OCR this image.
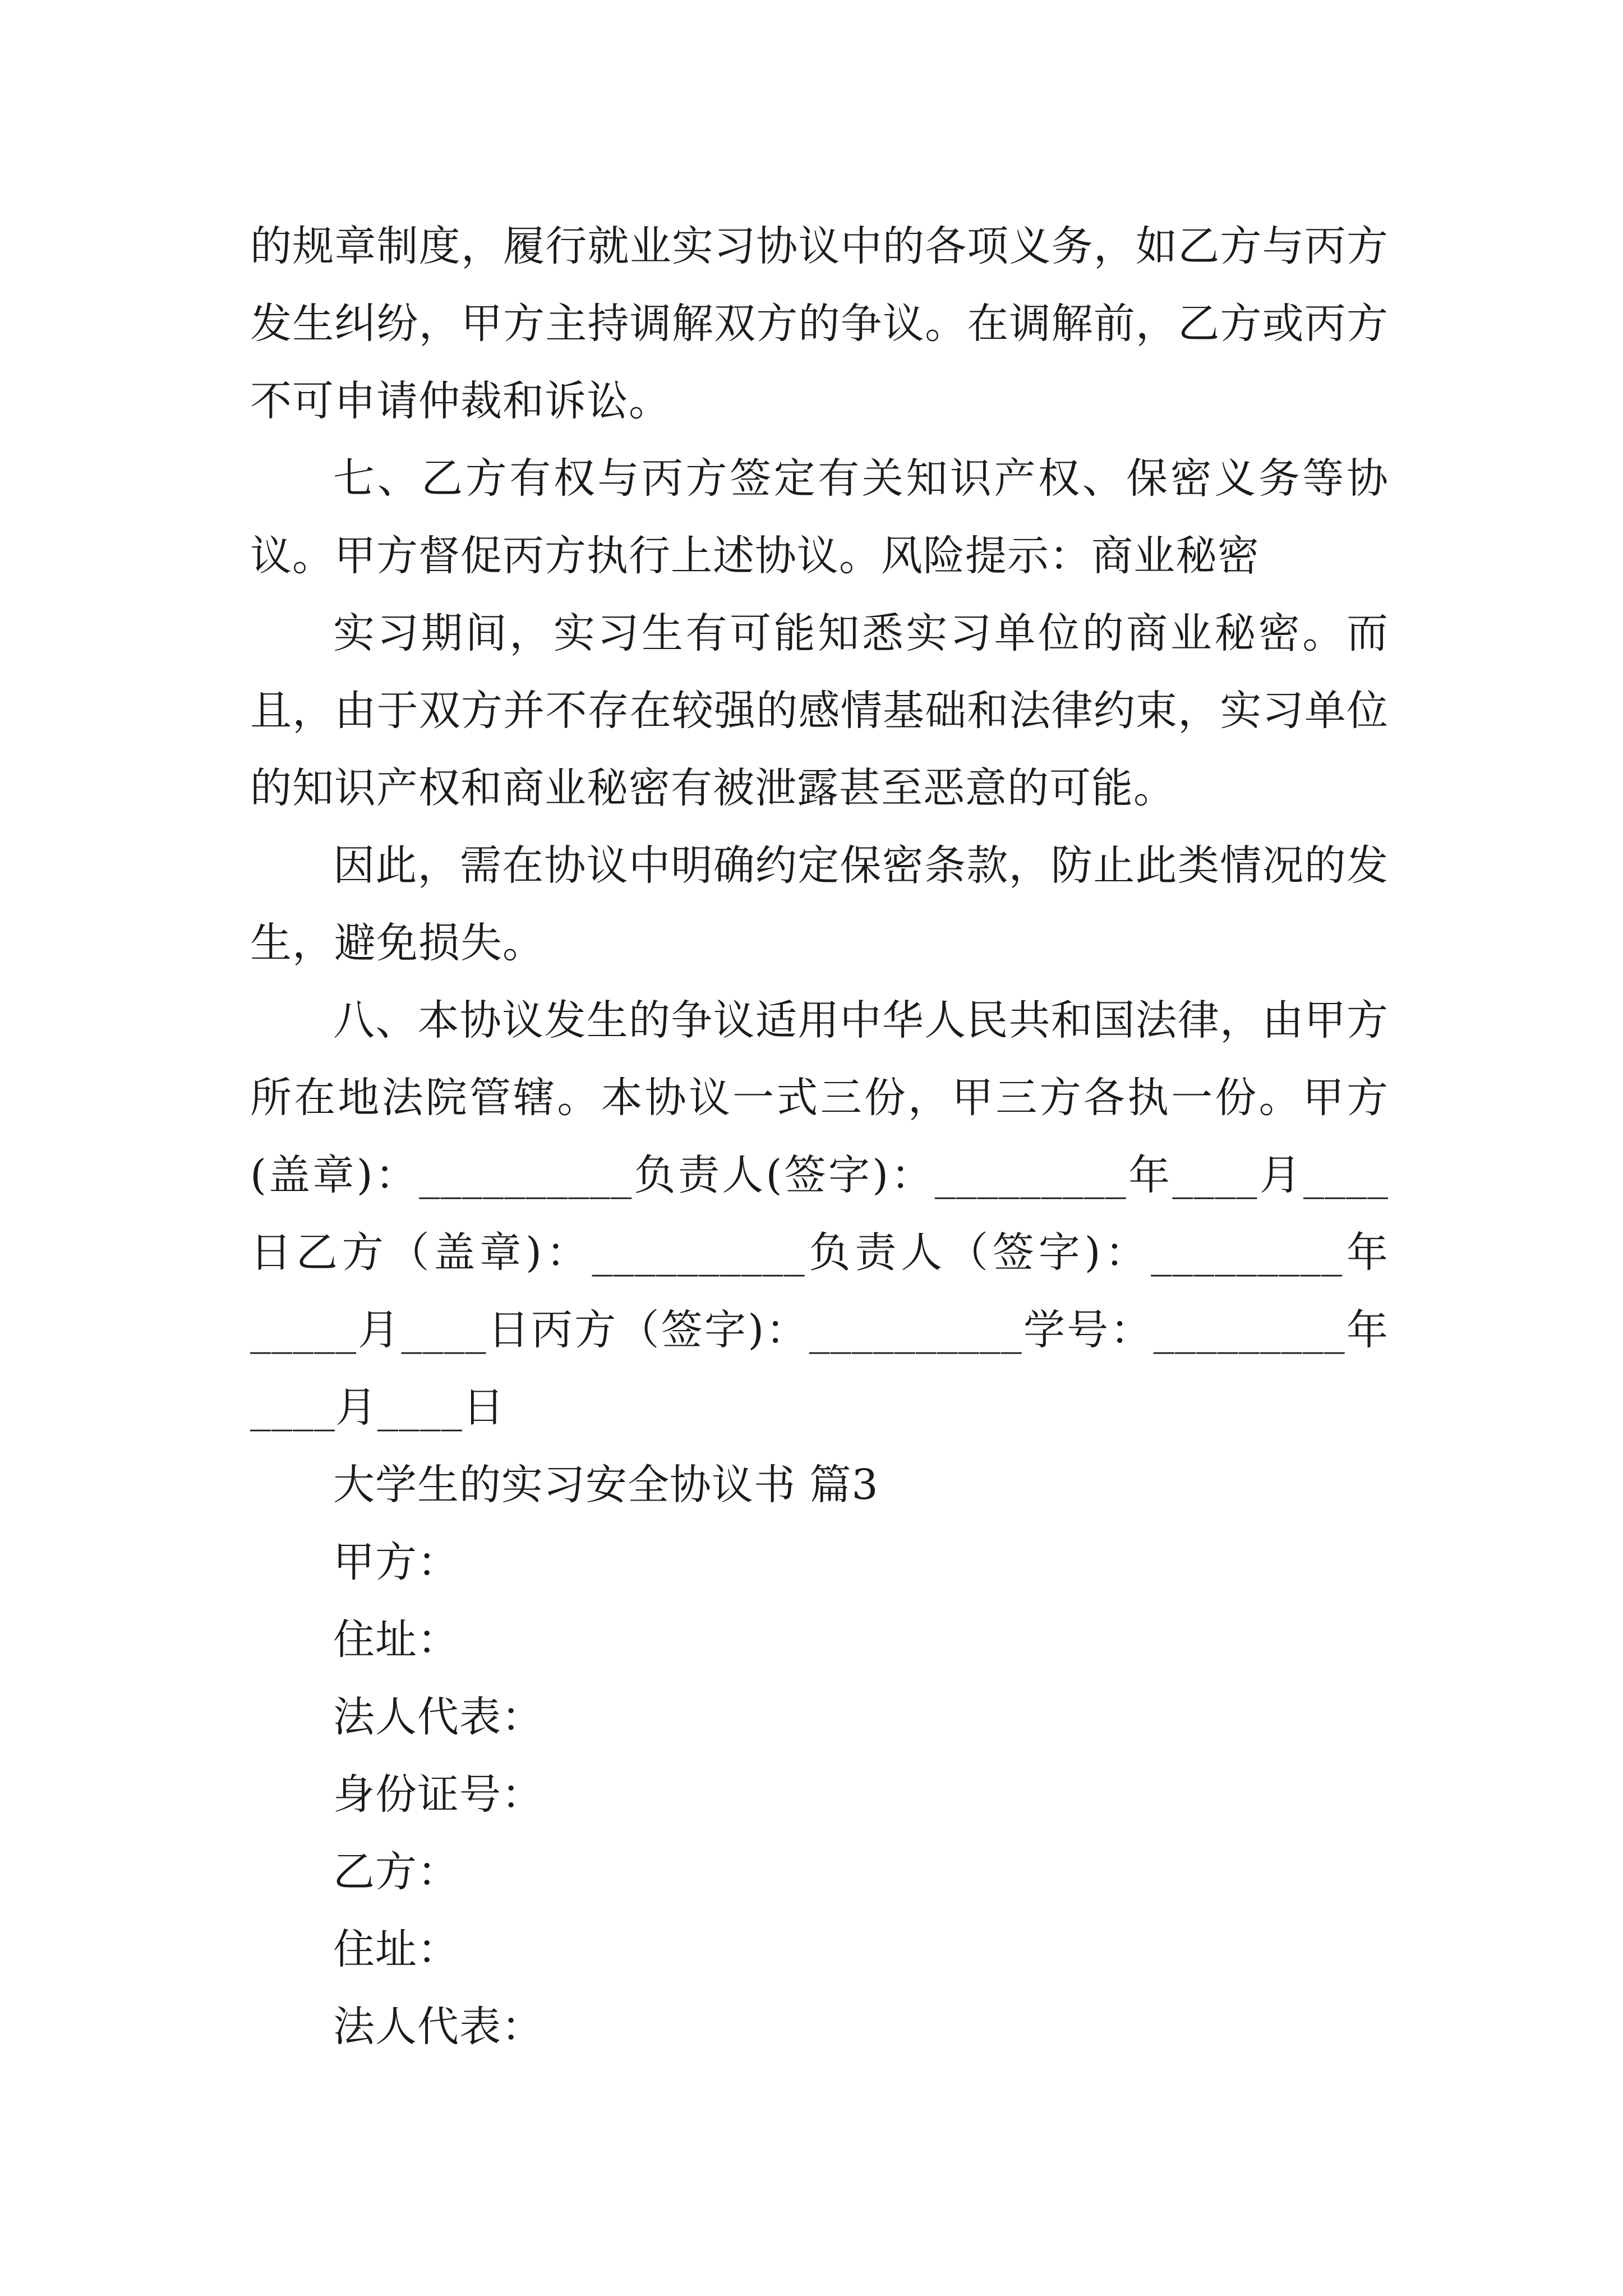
的规章制度，履行就业实习协议中的各项义务，如乙方与丙方发生纠纷，甲方主持调解双方的争议。在调解前，乙方或丙方不可申请仲裁和诉讼。

七、乙方有权与丙方签定有关知识产权、保密义务等协议。甲方督促丙方执行上述协议。风险提示：商业秘密

实习期间，实习生有可能知悉实习单位的商业秘密。而且，由于双方并不存在较强的感情基础和法律约束，实习单位的知识产权和商业秘密有被泄露甚至恶意的可能。

因此，需在协议中明确约定保密条款，防止此类情况的发生，避免损失。

八、本协议发生的争议适用中华人民共和国法律，由甲方所在地法院管辖。本协议一式三份，甲三方各执一份。甲方(盖章)：__________负责人(签字)：_________年____月____日乙方（盖章)：__________负责人（签字)：_________年_____月____日丙方（签字)：__________学号：_________年____月____日

大学生的实习安全协议书 篇3

甲方：

住址：

法人代表：

身份证号：

乙方：

住址：

法人代表：
